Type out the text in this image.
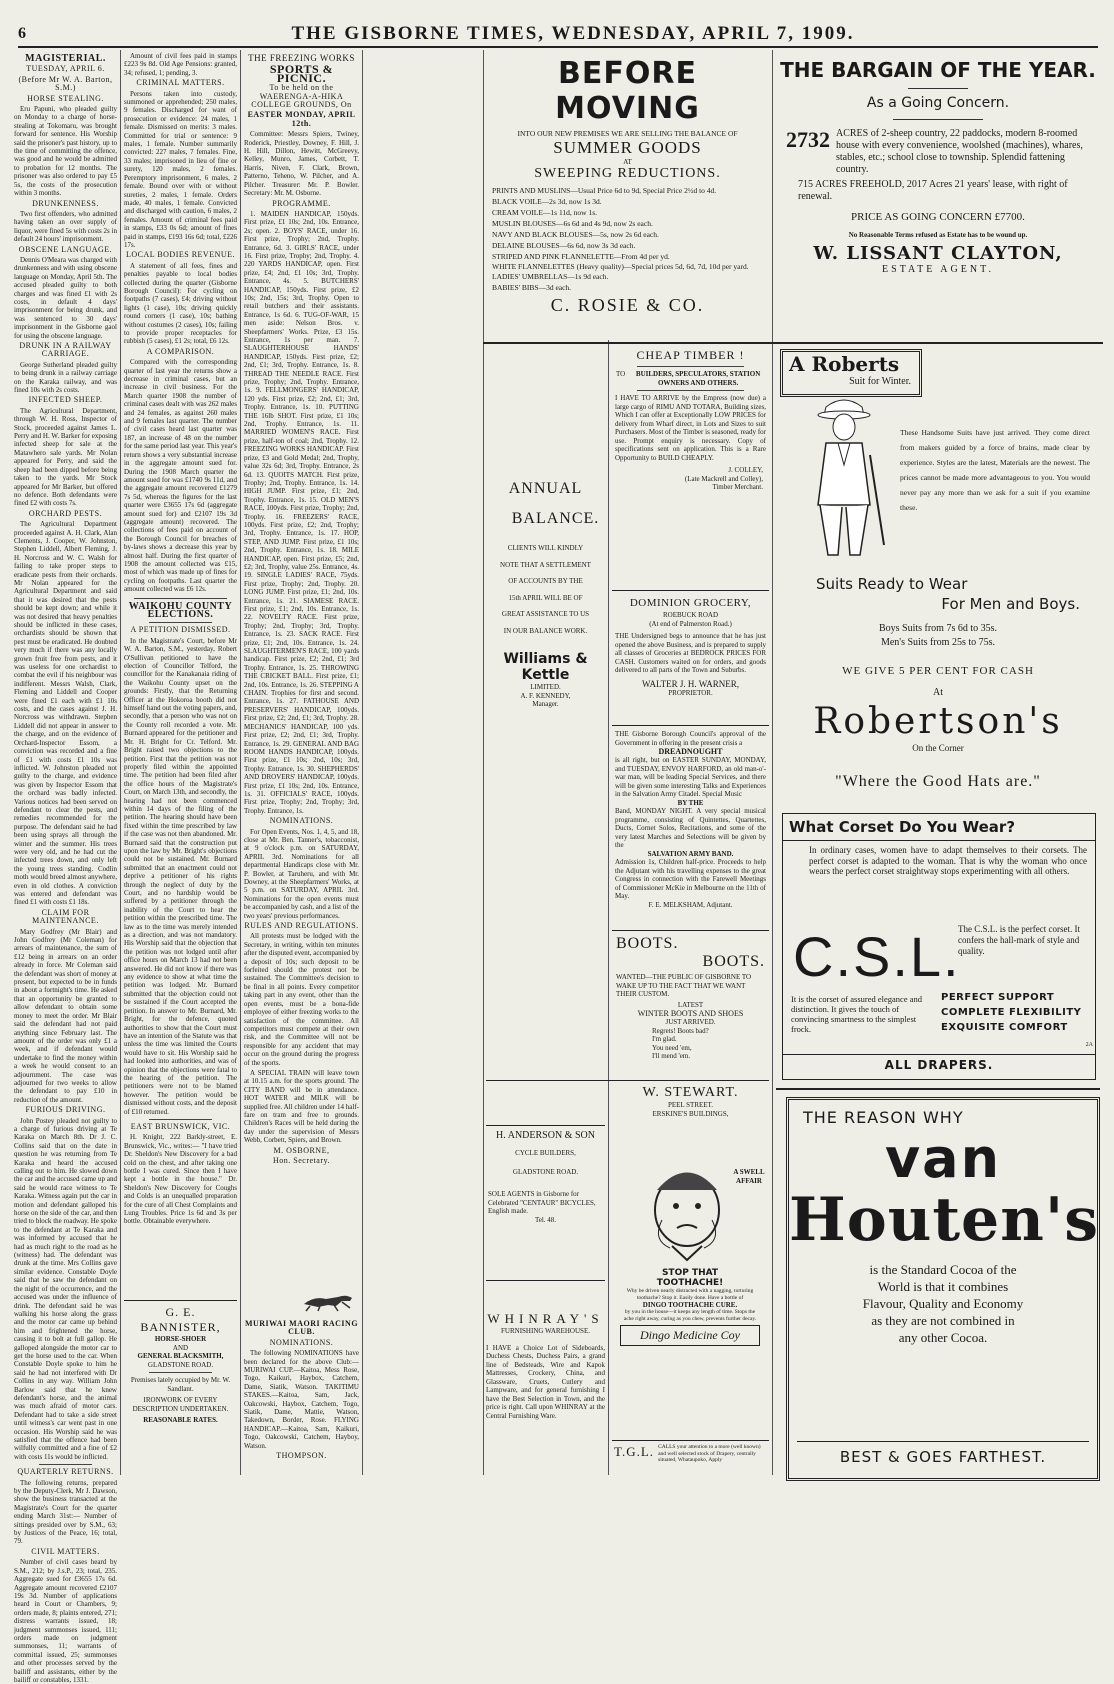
6	THE GISBORNE TIMES, WEDNESDAY, APRIL 7, 1909.
MAGISTERIAL.
TUESDAY, APRIL 6.
(Before Mr W. A. Barton, S.M.)
HORSE STEALING.

Eru Papuni, who pleaded guilty on Monday to a charge of horse-stealing at Tokomaru, was brought forward for sentence. His Worship said the prisoner's past history, up to the time of committing the offence, was good and he would be admitted to probation for 12 months. The prisoner was also ordered to pay £5 5s, the costs of the prosecution within 3 months.

DRUNKENNESS.

Two first offenders, who admitted having taken an over supply of liquor, were fined 5s with costs 2s in default 24 hours' imprisonment.

OBSCENE LANGUAGE.

Dennis O'Meara was charged with drunkenness and with using obscene language on Monday, April 5th. The accused pleaded guilty to both charges and was fined £1 with 2s costs, in default 4 days' imprisonment for being drunk, and was sentenced to 30 days' imprisonment in the Gisborne gaol for using the obscene language.

DRUNK IN A RAILWAY CARRIAGE.

George Sutherland pleaded guilty to being drunk in a railway carriage on the Karaka railway, and was fined 10s with 2s costs.

INFECTED SHEEP.

The Agricultural Department, through W. H. Ross, Inspector of Stock, proceeded against James L. Perry and H. W. Barker for exposing infected sheep for sale at the Matawhero sale yards. Mr Nolan appeared for Perry, and said the sheep had been dipped before being taken to the yards. Mr Stock appeared for Mr Barker, but offered no defence. Both defendants were fined £2 with costs 7s.

ORCHARD PESTS.

The Agricultural Department proceeded against A. H. Clark, Alan Clements, J. Cooper, W. Johnston, Stephen Liddell, Albert Fleming, J. H. Norcross and W. C. Walsh for failing to take proper steps to eradicate pests from their orchards. Mr Nolan appeared for the Agricultural Department and said that it was desired that the pests should be kept down; and while it was not desired that heavy penalties should be inflicted in these cases, orchardists should be shown that pest must be eradicated. He doubted very much if there was any locally grown fruit free from pests, and it was useless for one orchardist to combat the evil if his neighbour was indifferent. Messrs Walsh, Clark, Fleming and Liddell and Cooper were fined £1 each with £1 10s costs, and the cases against J. H. Norcross was withdrawn. Stephen Liddell did not appear in answer to the charge, and on the evidence of Orchard-Inspector Essom, a conviction was recorded and a fine of £1 with costs £1 10s was inflicted. W. Johnston pleaded not guilty to the charge, and evidence was given by Inspector Essom that the orchard was badly infected. Various notices had been served on defendant to clear the pests, and remedies recommended for the purpose. The defendant said he had been using sprays all through the winter and the summer. His trees were very old, and he had cut the infected trees down, and only left the young trees standing. Codlin moth would breed almost anywhere, even in old clothes. A conviction was entered and defendant was fined £1 with costs £1 18s.

CLAIM FOR MAINTENANCE.

Mary Godfrey (Mr Blair) and John Godfrey (Mr Coleman) for arrears of maintenance, the sum of £12 being in arrears on an order already in force. Mr Coleman said the defendant was short of money at present, but expected to be in funds in about a fortnight's time. He asked that an opportunity be granted to allow defendant to obtain some money to meet the order. Mr Blair said the defendant had not paid anything since February last. The amount of the order was only £1 a week, and if defendant would undertake to find the money within a week he would consent to an adjournment. The case was adjourned for two weeks to allow the defendant to pay £10 in reduction of the amount.

FURIOUS DRIVING.

John Postey pleaded not guilty to a charge of furious driving at Te Karaka on March 8th. Dr J. C. Collins said that on the date in question he was returning from Te Karaka and heard the accused calling out to him. He slowed down the car and the accused came up and said he would race witness to Te Karaka. Witness again put the car in motion and defendant galloped his horse on the side of the car, and then tried to block the roadway. He spoke to the defendant at Te Karaka and was informed by accused that he had as much right to the road as he (witness) had. The defendant was drunk at the time. Mrs Collins gave similar evidence. Constable Doyle said that he saw the defendant on the night of the occurrence, and the accused was under the influence of drink. The defendant said he was walking his horse along the grass and the motor car came up behind him and frightened the horse, causing it to bolt at full gallop. He galloped alongside the motor car to get the horse used to the car. When Constable Doyle spoke to him he said he had not interfered with Dr Collins in any way. William John Barlow said that he knew defendant's horse, and the animal was much afraid of motor cars. Defendant had to take a side street until witness's car went past in one occasion. His Worship said he was satisfied that the offence had been wilfully committed and a fine of £2 with costs 11s would be inflicted.

QUARTERLY RETURNS.

The following returns, prepared by the Deputy-Clerk, Mr J. Dawson, show the business transacted at the Magistrate's Court for the quarter ending March 31st:— Number of sittings presided over by S.M., 63; by Justices of the Peace, 16; total, 79.

CIVIL MATTERS.

Number of civil cases heard by S.M., 212; by J.s.P., 23; total, 235. Aggregate sued for £3655 17s 6d. Aggregate amount recovered £2107 19s 3d. Number of applications heard in Court or Chambers, 9; orders made, 8; plaints entered, 271; distress warrants issued, 18; judgment summonses issued, 111; orders made on judgment summonses, 11; warrants of committal issued, 25; summonses and other processes served by the bailiff and assistants, either by the bailiff or constables, 1331.

Amount of civil fees paid in stamps £223 9s 8d. Old Age Pensions: granted, 34; refused, 1; pending, 3.

CRIMINAL MATTERS.

Persons taken into custody, summoned or apprehended; 250 males, 9 females. Discharged for want of prosecution or evidence: 24 males, 1 female. Dismissed on merits: 3 males. Committed for trial or sentence: 9 males, 1 female. Number summarily convicted: 227 males, 7 females. Fine, 33 males; imprisoned in lieu of fine or surety, 120 males, 2 females. Peremptory imprisonment, 6 males, 2 female. Bound over with or without sureties, 2 males, 1 female. Orders made, 40 males, 1 female. Convicted and discharged with caution, 6 males, 2 females. Amount of criminal fees paid in stamps, £33 0s 6d; amount of fines paid in stamps, £193 16s 6d; total, £226 17s.

LOCAL BODIES REVENUE.

A statement of all fees, fines and penalties payable to local bodies collected during the quarter (Gisborne Borough Council): For cycling on footpaths (7 cases), £4; driving without lights (1 case), 10s; driving quickly round corners (1 case), 10s; bathing without costumes (2 cases), 10s; failing to provide proper receptacles for rubbish (5 cases), £1 2s; total, £6 12s.

A COMPARISON.

Compared with the corresponding quarter of last year the returns show a decrease in criminal cases, but an increase in civil business. For the March quarter 1908 the number of criminal cases dealt with was 262 males and 24 females, as against 260 males and 9 females last quarter. The number of civil cases heard last quarter was 187, an increase of 48 on the number for the same period last year. This year's return shows a very substantial increase in the aggregate amount sued for. During the 1908 March quarter the amount sued for was £1740 9s 11d, and the aggregate amount recovered £1279 7s 5d, whereas the figures for the last quarter were £3655 17s 6d (aggregate amount sued for) and £2107 19s 3d (aggregate amount) recovered. The collections of fees paid on account of the Borough Council for breaches of by-laws shows a decrease this year by almost half. During the first quarter of 1908 the amount collected was £15, most of which was made up of fines for cycling on footpaths. Last quarter the amount collected was £6 12s.

WAIKOHU COUNTY ELECTIONS.
A PETITION DISMISSED.

In the Magistrate's Court, before Mr W. A. Barton, S.M., yesterday, Robert O'Sullivan petitioned to have the election of Councillor Telford, the councillor for the Kanakanaia riding of the Waikohu County upset on the grounds: Firstly, that the Returning Officer at the Hokoroa booth did not himself hand out the voting papers, and, secondly, that a person who was not on the County roll recorded a vote. Mr. Burnard appeared for the petitioner and Mr. H. Bright for Cr. Telford. Mr. Bright raised two objections to the petition. First that the petition was not properly filed within the appointed time. The petition had been filed after the office hours of the Magistrate's Court, on March 13th, and secondly, the hearing had not been commenced within 14 days of the filing of the petition. The hearing should have been fixed within the time prescribed by law if the case was not then abandoned. Mr. Burnard said that the construction put upon the law by Mr. Bright's objections could not be sustained. Mr. Burnard submitted that an enactment could not deprive a petitioner of his rights through the neglect of duty by the Court, and no hardship would be suffered by a petitioner through the inability of the Court to hear the petition within the prescribed time. The law as to the time was merely intended as a direction, and was not mandatory. His Worship said that the objection that the petition was not lodged until after office hours on March 13 had not been answered. He did not know if there was any evidence to show at what time the petition was lodged. Mr. Burnard submitted that the objection could not be sustained if the Court accepted the petition. In answer to Mr. Burnard, Mr. Bright, for the defence, quoted authorities to show that the Court must have an intention of the Statute was that unless the time was limited the Courts would have to sit. His Worship said he had looked into authorities, and was of opinion that the objections were fatal to the hearing of the petition. The petitioners were not to be blamed however. The petition would be dismissed without costs, and the deposit of £10 returned.

EAST BRUNSWICK, VIC.

H. Knight, 222 Barkly-street, E. Brunswick, Vic., writes:— "I have tried Dr. Sheldon's New Discovery for a bad cold on the chest, and after taking one bottle I was cured. Since then I have kept a bottle in the house." Dr. Sheldon's New Discovery for Coughs and Colds is an unequalled preparation for the cure of all Chest Complaints and Lung Troubles. Price 1s 6d and 3s per bottle. Obtainable everywhere.

G. E. BANNISTER,
HORSE-SHOER
AND
GENERAL BLACKSMITH,
GLADSTONE ROAD.
Premises lately occupied by Mr. W. Sandlant.
IRONWORK OF EVERY DESCRIPTION UNDERTAKEN.
REASONABLE RATES.
THE FREEZING WORKS
SPORTS & PICNIC.
To be held on the WAERENGA-A-HIKA COLLEGE GROUNDS, On
EASTER MONDAY, APRIL 12th.

Committee: Messrs Spiers, Twiney, Roderick, Priestley, Downey, F. Hill, J. H. Hill, Dillon, Hewitt, McGreevy, Kelley, Munro, James, Corbett, T. Harris, Niven, F. Clark, Brown, Patterno, Teheno, W. Pilcher, and A. Pilcher. Treasurer: Mr. P. Bowler. Secretary: Mr. M. Osborne.

PROGRAMME.

1. MAIDEN HANDICAP, 150yds. First prize, £1 10s; 2nd, 10s. Entrance, 2s; open. 2. BOYS' RACE, under 16. First prize, Trophy; 2nd, Trophy. Entrance, 6d. 3. GIRLS' RACE, under 16. First prize, Trophy; 2nd, Trophy. 4. 220 YARDS HANDICAP, open. First prize, £4; 2nd, £1 10s; 3rd, Trophy. Entrance, 4s. 5. BUTCHERS' HANDICAP, 150yds. First prize, £2 10s; 2nd, 15s; 3rd, Trophy. Open to retail butchers and their assistants. Entrance, 1s 6d. 6. TUG-OF-WAR, 15 men aside: Nelson Bros. v. Sheepfarmers' Works. Prize, £3 15s. Entrance, 1s per man. 7. SLAUGHTERHOUSE HANDS' HANDICAP, 150yds. First prize, £2; 2nd, £1; 3rd, Trophy. Entrance, 1s. 8. THREAD THE NEEDLE RACE. First prize, Trophy; 2nd, Trophy. Entrance, 1s. 9. FELLMONGERS' HANDICAP, 120 yds. First prize, £2; 2nd, £1; 3rd, Trophy. Entrance, 1s. 10. PUTTING THE 16lb SHOT. First prize, £1 10s; 2nd, Trophy. Entrance, 1s. 11. MARRIED WOMEN'S RACE. First prize, half-ton of coal; 2nd, Trophy. 12. FREEZING WORKS HANDICAP. First prize, £3 and Gold Medal; 2nd, Trophy, value 32s 6d; 3rd, Trophy. Entrance, 2s 6d. 13. QUOITS MATCH. First prize, Trophy; 2nd, Trophy. Entrance, 1s. 14. HIGH JUMP. First prize, £1; 2nd, Trophy. Entrance, 1s. 15. OLD MEN'S RACE, 100yds. First prize, Trophy; 2nd, Trophy. 16. FREEZERS' RACE, 100yds. First prize, £2; 2nd, Trophy; 3rd, Trophy. Entrance, 1s. 17. HOP, STEP, AND JUMP. First prize, £1 10s; 2nd, Trophy. Entrance, 1s. 18. MILE HANDICAP, open. First prize, £5; 2nd, £2; 3rd, Trophy, value 25s. Entrance, 4s. 19. SINGLE LADIES' RACE, 75yds. First prize, Trophy; 2nd, Trophy. 20. LONG JUMP. First prize, £1; 2nd, 10s. Entrance, 1s. 21. SIAMESE RACE. First prize, £1; 2nd, 10s. Entrance, 1s. 22. NOVELTY RACE. First prize, Trophy; 2nd, Trophy; 3rd, Trophy. Entrance, 1s. 23. SACK RACE. First prize, £1; 2nd, 10s. Entrance, 1s. 24. SLAUGHTERMEN'S RACE, 100 yards handicap. First prize, £2; 2nd, £1; 3rd Trophy. Entrance, 1s. 25. THROWING THE CRICKET BALL. First prize, £1; 2nd, 10s. Entrance, 1s. 26. STEPPING A CHAIN. Trophies for first and second. Entrance, 1s. 27. FATHOUSE AND PRESERVERS' HANDICAP, 100yds. First prize, £2; 2nd, £1; 3rd, Trophy. 28. MECHANICS' HANDICAP, 100 yds. First prize, £2; 2nd, £1; 3rd, Trophy. Entrance, 1s. 29. GENERAL AND BAG ROOM HANDS HANDICAP, 100yds. First prize, £1 10s; 2nd, 10s; 3rd, Trophy. Entrance, 1s. 30. SHEPHERDS' AND DROVERS' HANDICAP, 100yds. First prize, £1 10s; 2nd, 10s. Entrance, 1s. 31. OFFICIALS' RACE, 100yds. First prize, Trophy; 2nd, Trophy; 3rd, Trophy. Entrance, 1s.

NOMINATIONS.

For Open Events, Nos. 1, 4, 5, and 18, close at Mr. Ben. Tanner's, tobacconist, at 9 o'clock p.m. on SATURDAY, APRIL 3rd. Nominations for all departmental Handicaps close with Mr. P. Bowler, at Taruheru, and with Mr. Downey, at the Sheepfarmers' Works, at 5 p.m. on SATURDAY, APRIL 3rd. Nominations for the open events must be accompanied by cash, and a list of the two years' previous performances.

RULES AND REGULATIONS.

All protests must be lodged with the Secretary, in writing, within ten minutes after the disputed event, accompanied by a deposit of 10s; such deposit to be forfeited should the protest not be sustained. The Committee's decision to be final in all points. Every competitor taking part in any event, other than the open events, must be a bona-fide employee of either freezing works to the satisfaction of the committee. All competitors must compete at their own risk, and the Committee will not be responsible for any accident that may occur on the ground during the progress of the sports.

A SPECIAL TRAIN will leave town at 10.15 a.m. for the sports ground. The CITY BAND will be in attendance. HOT WATER and MILK will be supplied free. All children under 14 half-fare on tram and free to grounds. Children's Races will be held during the day under the supervision of Messrs Webb, Corbett, Spiers, and Brown.

M. OSBORNE,
Hon. Secretary.
MURIWAI MAORI RACING CLUB.
NOMINATIONS.

The following NOMINATIONS have been declared for the above Club:— MURIWAI CUP.—Kaitoa, Mess Rose, Togo, Kaikuri, Haybox, Catchem, Dame, Siatik, Watson. TAKITIMU STAKES.—Kaitoa, Sam, Jack, Oakcowski, Haybox, Catchem, Togo, Siatik, Dame, Mattie, Watson, Takedown, Border, Rose. FLYING HANDICAP.—Kaitoa, Sam, Kaikuri, Togo, Oakcowski, Catchem, Hayboy, Watson.

THOMPSON.
BEFORE MOVING
INTO OUR NEW PREMISES WE ARE SELLING THE BALANCE OF
SUMMER GOODS
AT
SWEEPING REDUCTIONS.
PRINTS AND MUSLINS—Usual Price 6d to 9d, Special Price 2½d to 4d.
BLACK VOILE—2s 3d, now 1s 3d.
CREAM VOILE—1s 11d, now 1s.
MUSLIN BLOUSES—6s 6d and 4s 9d, now 2s each.
NAVY AND BLACK BLOUSES—5s, now 2s 6d each.
DELAINE BLOUSES—6s 6d, now 3s 3d each.
STRIPED AND PINK FLANNELETTE—From 4d per yd.
WHITE FLANNELETTES (Heavy quality)—Special prices 5d, 6d, 7d, 10d per yard.
LADIES' UMBRELLAS—1s 9d each.
BABIES' BIBS—3d each.
C. ROSIE & CO.
THE BARGAIN OF THE YEAR.
As a Going Concern.
2732 ACRES of 2-sheep country, 22 paddocks, modern 8-roomed house with every convenience, woolshed (machines), whares, stables, etc.; school close to township. Splendid fattening country.
715 ACRES FREEHOLD, 2017 Acres 21 years' lease, with right of renewal.
PRICE AS GOING CONCERN £7700.
No Reasonable Terms refused as Estate has to be wound up.
W. LISSANT CLAYTON,
ESTATE AGENT.
ANNUAL
BALANCE.
CLIENTS WILL KINDLY
NOTE THAT A SETTLEMENT
OF ACCOUNTS BY THE
15th APRIL WILL BE OF
GREAT ASSISTANCE TO US
IN OUR BALANCE WORK.
Williams & Kettle
LIMITED.
A. F. KENNEDY,
Manager.
BOOTS.
BOOTS.
WANTED—THE PUBLIC OF GISBORNE TO WAKE UP TO THE FACT THAT WE WANT THEIR CUSTOM.
LATEST
WINTER BOOTS AND SHOES
JUST ARRIVED.
Regrets! Boots bad?
I'm glad.
You need 'em,
I'll mend 'em.
W. STEWART.
PEEL STREET.
ERSKINE'S BUILDINGS,
H. ANDERSON & SON
CYCLE BUILDERS,
GLADSTONE ROAD.
SOLE AGENTS in Gisborne for Celebrated "CENTAUR" BICYCLES, English made.
Tel. 48.
A SWELL AFFAIR
STOP THAT
TOOTHACHE!
Why be driven nearly distracted with a nagging, torturing toothache? Stop it. Easily done. Have a bottle of
DINGO TOOTHACHE CURE.
by you in the house—it keeps any length of time. Stops the ache right away, curing as you chew, prevents further decay.
Dingo Medicine Coy
WHINRAY'S
FURNISHING WAREHOUSE.
I HAVE a Choice Lot of Sideboards, Duchess Chests, Duchess Pairs, a grand line of Bedsteads, Wire and Kapok Mattresses, Crockery, China, and Glassware, Cruets, Cutlery and Lampware, and for general furnishing I have the Best Selection in Town, and the price is right. Call upon WHINRAY at the Central Furnishing Ware.
T.G.L. CALLS your attention to a more (well known) and well selected stock of Drapery, centrally situated, Whataupoko, Apply
CHEAP TIMBER !
TO	BUILDERS, SPECULATORS, STATION OWNERS AND OTHERS.
I HAVE TO ARRIVE by the Empress (now due) a large cargo of RIMU AND TOTARA, Building sizes, Which I can offer at Exceptionally LOW PRICES for delivery from Wharf direct, in Lots and Sizes to suit Purchasers. Most of the Timber is seasoned, ready for use. Prompt enquiry is necessary. Copy of specifications sent on application. This is a Rare Opportunity to BUILD CHEAPLY.
J. COLLEY,
(Late Mackrell and Colley),
Timber Merchant.
DOMINION GROCERY,
ROEBUCK ROAD
(At end of Palmerston Road.)
THE Undersigned begs to announce that he has just opened the above Business, and is prepared to supply all classes of Groceries at BEDROCK PRICES FOR CASH. Customers waited on for orders, and goods delivered to all parts of the Town and Suburbs.
WALTER J. H. WARNER,
PROPRIETOR.
THE Gisborne Borough Council's approval of the Government in offering in the present crisis a
DREADNOUGHT
is all right, but on EASTER SUNDAY, MONDAY, and TUESDAY, ENVOY HARFORD, an old man-o'-war man, will be leading Special Services, and there will be given some interesting Talks and Experiences in the Salvation Army Citadel. Special Music
BY THE
Band, MONDAY NIGHT. A very special musical programme, consisting of Quintettes, Quartettes, Ducts, Cornet Solos, Recitations, and some of the very latest Marches and Selections will be given by the
SALVATION ARMY BAND.
Admission 1s, Children half-price. Proceeds to help the Adjutant with his travelling expenses to the great Congress in connection with the Farewell Meetings of Commissioner McKie in Melbourne on the 11th of May.
F. E. MELKSHAM, Adjutant.
A Roberts
Suit for Winter.
These Handsome Suits have just arrived. They come direct from makers guided by a force of brains, made clear by experience. Styles are the latest, Materials are the newest. The prices cannot be made more advantageous to you. You would never pay any more than we ask for a suit if you examine these.
Suits Ready to Wear
For Men and Boys.
Boys Suits from 7s 6d to 35s.
Men's Suits from 25s to 75s.
WE GIVE 5 PER CENT FOR CASH
At
Robertson's
On the Corner
"Where the Good Hats are."
What Corset Do You Wear?
In ordinary cases, women have to adapt themselves to their corsets. The perfect corset is adapted to the woman. That is why the woman who once wears the perfect corset straightway stops experimenting with all others.
C.S.L.
The C.S.L. is the perfect corset. It confers the hall-mark of style and quality.
It is the corset of assured elegance and distinction. It gives the touch of convincing smartness to the simplest frock.
PERFECT SUPPORT
COMPLETE FLEXIBILITY
EXQUISITE COMFORT
ALL DRAPERS.
2A
THE REASON WHY
van
Houten's
is the Standard Cocoa of the
World is that it combines
Flavour, Quality and Economy
as they are not combined in
any other Cocoa.
BEST & GOES FARTHEST.
